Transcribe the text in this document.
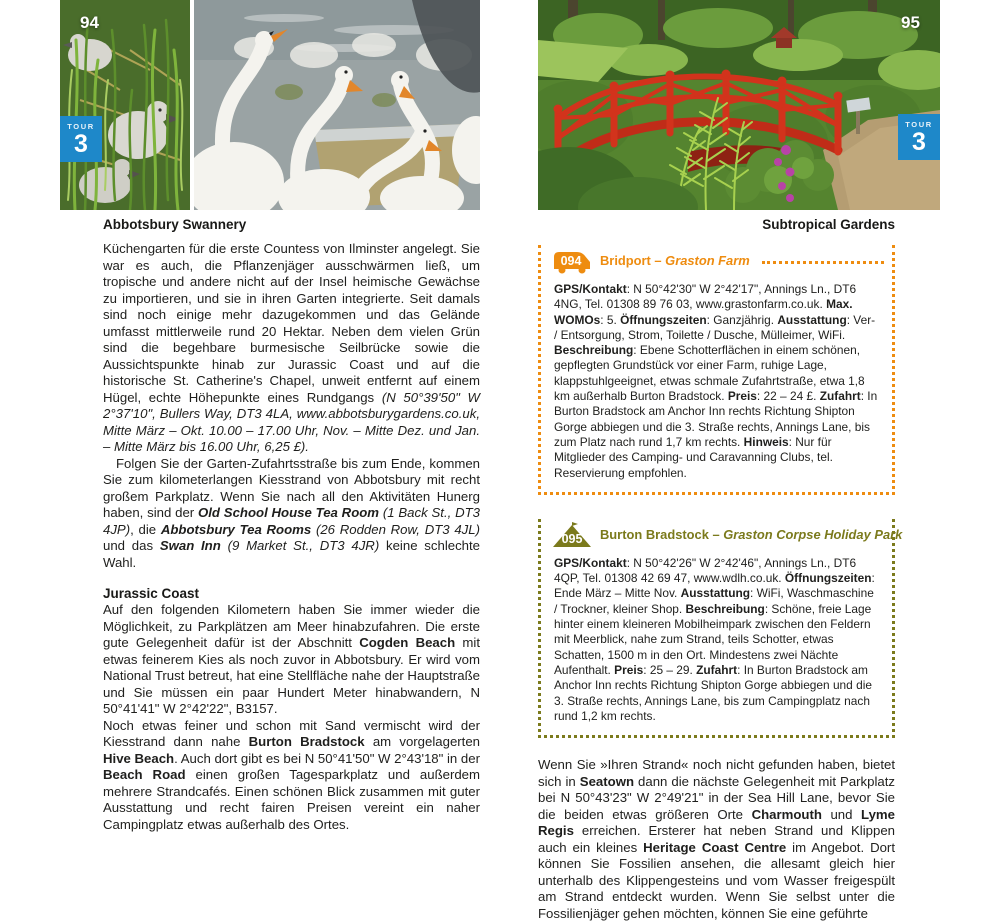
94
TOUR
3
Abbotsbury Swannery

Küchengarten für die erste Countess von Ilminster angelegt. Sie war es auch, die Pflanzenjäger ausschwärmen ließ, um tropische und andere nicht auf der Insel heimische Gewächse zu importieren, und sie in ihren Garten integrierte. Seit damals sind noch einige mehr dazugekommen und das Gelände umfasst mittlerweile rund 20 Hektar. Neben dem vielen Grün sind die begehbare burmesische Seilbrücke sowie die Aussichtspunkte hinab zur Jurassic Coast und auf die historische St. Catherine's Chapel, unweit entfernt auf einem Hügel, echte Höhepunkte eines Rundgangs (N 50°39'50" W 2°37'10", Bullers Way, DT3 4LA, www.abbotsburygardens.co.uk, Mitte März – Okt. 10.00 – 17.00 Uhr, Nov. – Mitte Dez. und Jan. – Mitte März bis 16.00 Uhr, 6,25 £).

Folgen Sie der Garten-Zufahrtsstraße bis zum Ende, kommen Sie zum kilometerlangen Kiesstrand von Abbotsbury mit recht großem Parkplatz. Wenn Sie nach all den Aktivitäten Hunerg haben, sind der Old School House Tea Room (1 Back St., DT3 4JP), die Abbotsbury Tea Rooms (26 Rodden Row, DT3 4JL) und das Swan Inn (9 Market St., DT3 4JR) keine schlechte Wahl.

Jurassic Coast

Auf den folgenden Kilometern haben Sie immer wieder die Möglichkeit, zu Parkplätzen am Meer hinabzufahren. Die erste gute Gelegenheit dafür ist der Abschnitt Cogden Beach mit etwas feinerem Kies als noch zuvor in Abbotsbury. Er wird vom National Trust betreut, hat eine Stellfläche nahe der Hauptstraße und Sie müssen ein paar Hundert Meter hinabwandern, N 50°41'41" W 2°42'22", B3157.

Noch etwas feiner und schon mit Sand vermischt wird der Kiesstrand dann nahe Burton Bradstock am vorgelagerten Hive Beach. Auch dort gibt es bei N 50°41'50" W 2°43'18" in der Beach Road einen großen Tagesparkplatz und außerdem mehrere Strandcafés. Einen schönen Blick zusammen mit guter Ausstattung und recht fairen Preisen vereint ein naher Campingplatz etwas außerhalb des Ortes.

95
TOUR
3
Subtropical Gardens
094 Bridport – Graston Farm

GPS/Kontakt: N 50°42'30" W 2°42'17", Annings Ln., DT6 4NG, Tel. 01308 89 76 03, www.grastonfarm.co.uk. Max. WOMOs: 5. Öffnungszeiten: Ganzjährig. Ausstattung: Ver- / Entsorgung, Strom, Toilette / Dusche, Mülleimer, WiFi. Beschreibung: Ebene Schotterflächen in einem schönen, gepflegten Grundstück vor einer Farm, ruhige Lage, klappstuhlgeeignet, etwas schmale Zufahrtstraße, etwa 1,8 km außerhalb Burton Bradstock. Preis: 22 – 24 £. Zufahrt: In Burton Bradstock am Anchor Inn rechts Richtung Shipton Gorge abbiegen und die 3. Straße rechts, Annings Lane, bis zum Platz nach rund 1,7 km rechts. Hinweis: Nur für Mitglieder des Camping- und Caravanning Clubs, tel. Reservierung empfohlen.

095 Burton Bradstock – Graston Corpse Holiday Park

GPS/Kontakt: N 50°42'26" W 2°42'46", Annings Ln., DT6 4QP, Tel. 01308 42 69 47, www.wdlh.co.uk. Öffnungszeiten: Ende März – Mitte Nov. Ausstattung: WiFi, Waschmaschine / Trockner, kleiner Shop. Beschreibung: Schöne, freie Lage hinter einem kleineren Mobilheimpark zwischen den Feldern mit Meerblick, nahe zum Strand, teils Schotter, etwas Schatten, 1500 m in den Ort. Mindestens zwei Nächte Aufenthalt. Preis: 25 – 29. Zufahrt: In Burton Bradstock am Anchor Inn rechts Richtung Shipton Gorge abbiegen und die 3. Straße rechts, Annings Lane, bis zum Campingplatz nach rund 1,2 km rechts.

Wenn Sie »Ihren Strand« noch nicht gefunden haben, bietet sich in Seatown dann die nächste Gelegenheit mit Parkplatz bei N 50°43'23" W 2°49'21" in der Sea Hill Lane, bevor Sie die beiden etwas größeren Orte Charmouth und Lyme Regis erreichen. Ersterer hat neben Strand und Klippen auch ein kleines Heritage Coast Centre im Angebot. Dort können Sie Fossilien ansehen, die allesamt gleich hier unterhalb des Klippengesteins und vom Wasser freigespült am Strand entdeckt wurden. Wenn Sie selbst unter die Fossilienjäger gehen möchten, können Sie eine geführte
